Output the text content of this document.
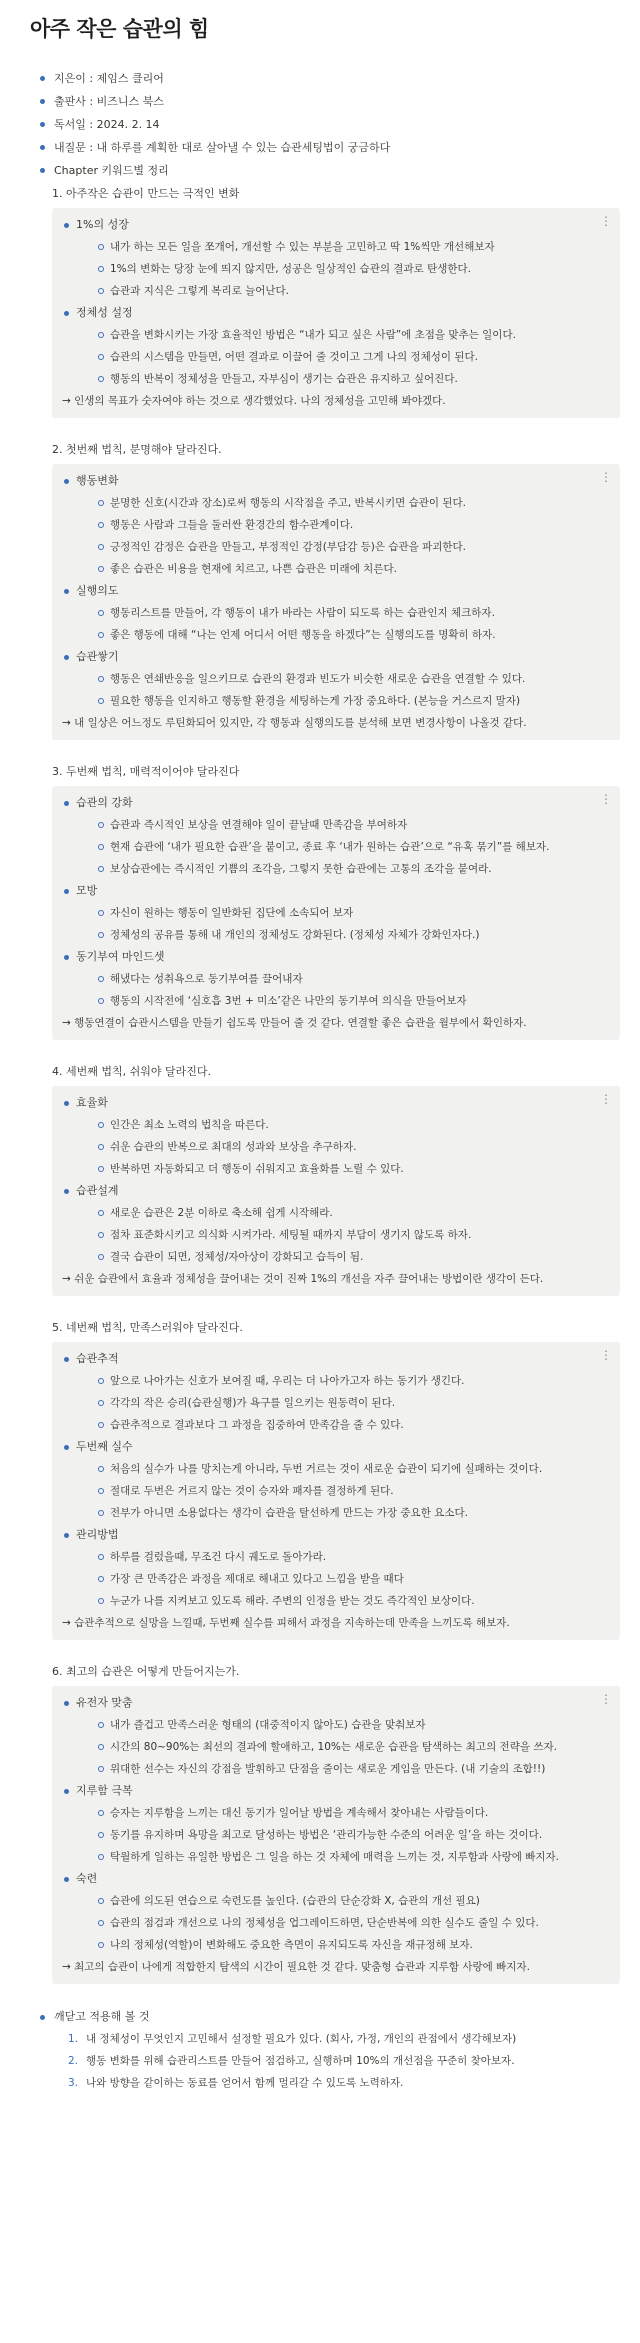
아주 작은 습관의 힘
지은이 : 제임스 클리어
출판사 : 비즈니스 북스
독서일 : 2024. 2. 14
내질문 : 내 하루를 계획한 대로 살아낼 수 있는 습관세팅법이 궁금하다
Chapter 키워드별 정리
1. 아주작은 습관이 만드는 극적인 변화
⋮
1%의 성장
내가 하는 모든 일을 쪼개어, 개선할 수 있는 부분을 고민하고 딱 1%씩만 개선해보자
1%의 변화는 당장 눈에 띄지 않지만, 성공은 일상적인 습관의 결과로 탄생한다.
습관과 지식은 그렇게 복리로 늘어난다.
정체성 설정
습관을 변화시키는 가장 효율적인 방법은 “내가 되고 싶은 사람”에 초점을 맞추는 일이다.
습관의 시스템을 만들면, 어떤 결과로 이끌어 줄 것이고 그게 나의 정체성이 된다.
행동의 반복이 정체성을 만들고, 자부심이 생기는 습관은 유지하고 싶어진다.
→ 인생의 목표가 숫자여야 하는 것으로 생각했었다. 나의 정체성을 고민해 봐야겠다.
2. 첫번째 법칙, 분명해야 달라진다.
⋮
행동변화
분명한 신호(시간과 장소)로써 행동의 시작점을 주고, 반복시키면 습관이 된다.
행동은 사람과 그들을 둘러싼 환경간의 함수관계이다.
긍정적인 감정은 습관을 만들고, 부정적인 감정(부담감 등)은 습관을 파괴한다.
좋은 습관은 비용을 현재에 치르고, 나쁜 습관은 미래에 치른다.
실행의도
행동리스트를 만들어, 각 행동이 내가 바라는 사람이 되도록 하는 습관인지 체크하자.
좋은 행동에 대해 “나는 언제 어디서 어떤 행동을 하겠다”는 실행의도를 명확히 하자.
습관쌓기
행동은 연쇄반응을 일으키므로 습관의 환경과 빈도가 비슷한 새로운 습관을 연결할 수 있다.
필요한 행동을 인지하고 행동할 환경을 세팅하는게 가장 중요하다. (본능을 거스르지 말자)
→ 내 일상은 어느정도 루틴화되어 있지만, 각 행동과 실행의도를 분석해 보면 변경사항이 나올것 같다.
3. 두번째 법칙, 매력적이어야 달라진다
⋮
습관의 강화
습관과 즉시적인 보상을 연결해야 일이 끝날때 만족감을 부여하자
현재 습관에 ‘내가 필요한 습관’을 붙이고, 종료 후 ‘내가 원하는 습관’으로 “유혹 묶기”를 해보자.
보상습관에는 즉시적인 기쁨의 조각을, 그렇지 못한 습관에는 고통의 조각을 붙여라.
모방
자신이 원하는 행동이 일반화된 집단에 소속되어 보자
정체성의 공유를 통해 내 개인의 정체성도 강화된다. (정체성 자체가 강화인자다.)
동기부여 마인드셋
해냈다는 성취욕으로 동기부여를 끌어내자
행동의 시작전에 ‘심호흡 3번 + 미소’같은 나만의 동기부여 의식을 만들어보자
→ 행동연결이 습관시스템을 만들기 쉽도록 만들어 줄 것 같다. 연결할 좋은 습관을 월부에서 확인하자.
4. 세번째 법칙, 쉬워야 달라진다.
⋮
효율화
인간은 최소 노력의 법칙을 따른다.
쉬운 습관의 반복으로 최대의 성과와 보상을 추구하자.
반복하면 자동화되고 더 행동이 쉬워지고 효율화를 노릴 수 있다.
습관설계
새로운 습관은 2분 이하로 축소해 쉽게 시작해라.
점차 표준화시키고 의식화 시켜가라. 세팅될 때까지 부담이 생기지 않도록 하자.
결국 습관이 되면, 정체성/자아상이 강화되고 습득이 됨.
→ 쉬운 습관에서 효율과 정체성을 끌어내는 것이 진짜 1%의 개선을 자주 끌어내는 방법이란 생각이 든다.
5. 네번째 법칙, 만족스러워야 달라진다.
⋮
습관추적
앞으로 나아가는 신호가 보여질 때, 우리는 더 나아가고자 하는 동기가 생긴다.
각각의 작은 승리(습관실행)가 욕구를 일으키는 원동력이 된다.
습관추적으로 결과보다 그 과정을 집중하여 만족감을 줄 수 있다.
두번째 실수
처음의 실수가 나를 망치는게 아니라, 두번 거르는 것이 새로운 습관이 되기에 실패하는 것이다.
절대로 두번은 거르지 않는 것이 승자와 패자를 결정하게 된다.
전부가 아니면 소용없다는 생각이 습관을 탈선하게 만드는 가장 중요한 요소다.
관리방법
하루를 걸렀을때, 무조건 다시 궤도로 돌아가라.
가장 큰 만족감은 과정을 제대로 해내고 있다고 느낌을 받을 때다
누군가 나를 지켜보고 있도록 해라. 주변의 인정을 받는 것도 즉각적인 보상이다.
→ 습관추적으로 실망을 느낄때, 두번째 실수를 피해서 과정을 지속하는데 만족을 느끼도록 해보자.
6. 최고의 습관은 어떻게 만들어지는가.
⋮
유전자 맞춤
내가 즐겁고 만족스러운 형태의 (대중적이지 않아도) 습관을 맞춰보자
시간의 80~90%는 최선의 결과에 할애하고, 10%는 새로운 습관을 탐색하는 최고의 전략을 쓰자.
위대한 선수는 자신의 강점을 발휘하고 단점을 줄이는 새로운 게임을 만든다. (내 기술의 조합!!)
지루함 극복
승자는 지루함을 느끼는 대신 동기가 일어날 방법을 계속해서 찾아내는 사람들이다.
동기를 유지하며 욕망을 최고로 달성하는 방법은 ‘관리가능한 수준의 어려운 일’을 하는 것이다.
탁월하게 일하는 유일한 방법은 그 일을 하는 것 자체에 매력을 느끼는 것, 지루함과 사랑에 빠지자.
숙련
습관에 의도된 연습으로 숙련도를 높인다. (습관의 단순강화 X, 습관의 개선 필요)
습관의 점검과 개선으로 나의 정체성을 업그레이드하면, 단순반복에 의한 실수도 줄일 수 있다.
나의 정체성(역할)이 변화해도 중요한 측면이 유지되도록 자신을 재규정해 보자.
→ 최고의 습관이 나에게 적합한지 탐색의 시간이 필요한 것 같다. 맞춤형 습관과 지루함 사랑에 빠지자.
깨닫고 적용해 볼 것
1. 내 정체성이 무엇인지 고민해서 설정할 필요가 있다. (회사, 가정, 개인의 관점에서 생각해보자)
2. 행동 변화를 위해 습관리스트를 만들어 점검하고, 실행하며 10%의 개선점을 꾸준히 찾아보자.
3. 나와 방향을 같이하는 동료를 얻어서 함께 멀리갈 수 있도록 노력하자.
